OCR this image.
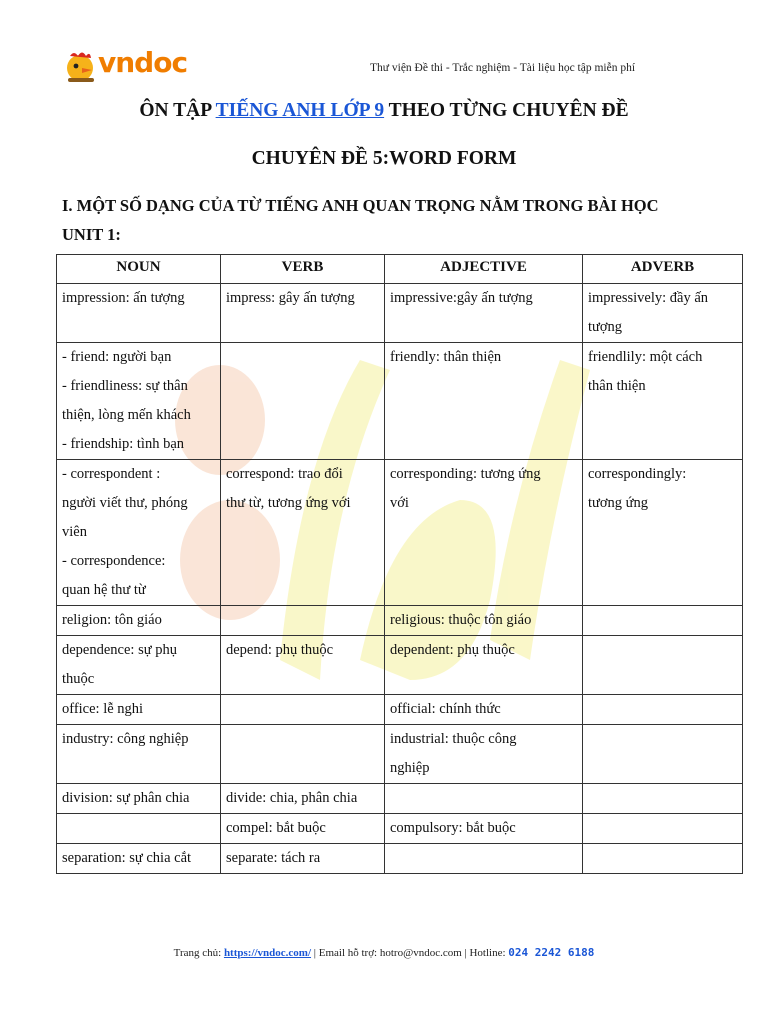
vndoc	Thư viện Đề thi - Trắc nghiệm - Tài liệu học tập miễn phí
ÔN TẬP TIẾNG ANH LỚP 9 THEO TỪNG CHUYÊN ĐỀ
CHUYÊN ĐỀ 5:WORD FORM
I. MỘT SỐ DẠNG CỦA TỪ TIẾNG ANH QUAN TRỌNG NẰM TRONG BÀI HỌC
UNIT 1:
NOUN	VERB	ADJECTIVE	ADVERB

impression: ấn tượng	impress: gây ấn tượng	impressive:gây ấn tượng	impressively: đầy ấn
tượng

- friend: người bạn
- friendliness: sự thân
thiện, lòng mến khách
- friendship: tình bạn		friendly: thân thiện	friendlily: một cách
thân thiện

- correspondent :
người viết thư, phóng
viên
- correspondence:
quan hệ thư từ	correspond: trao đổi
thư từ, tương ứng với	corresponding: tương ứng
với	correspondingly:
tương ứng

religion: tôn giáo		religious: thuộc tôn giáo	

dependence: sự phụ
thuộc	depend: phụ thuộc	dependent: phụ thuộc	

office: lễ nghi		official: chính thức	

industry: công nghiệp		industrial: thuộc công
nghiệp	

division: sự phân chia	divide: chia, phân chia		

	compel: bắt buộc	compulsory: bắt buộc	

separation: sự chia cắt	separate: tách ra		

Trang chủ: https://vndoc.com/ | Email hỗ trợ: hotro@vndoc.com | Hotline: 024 2242 6188
